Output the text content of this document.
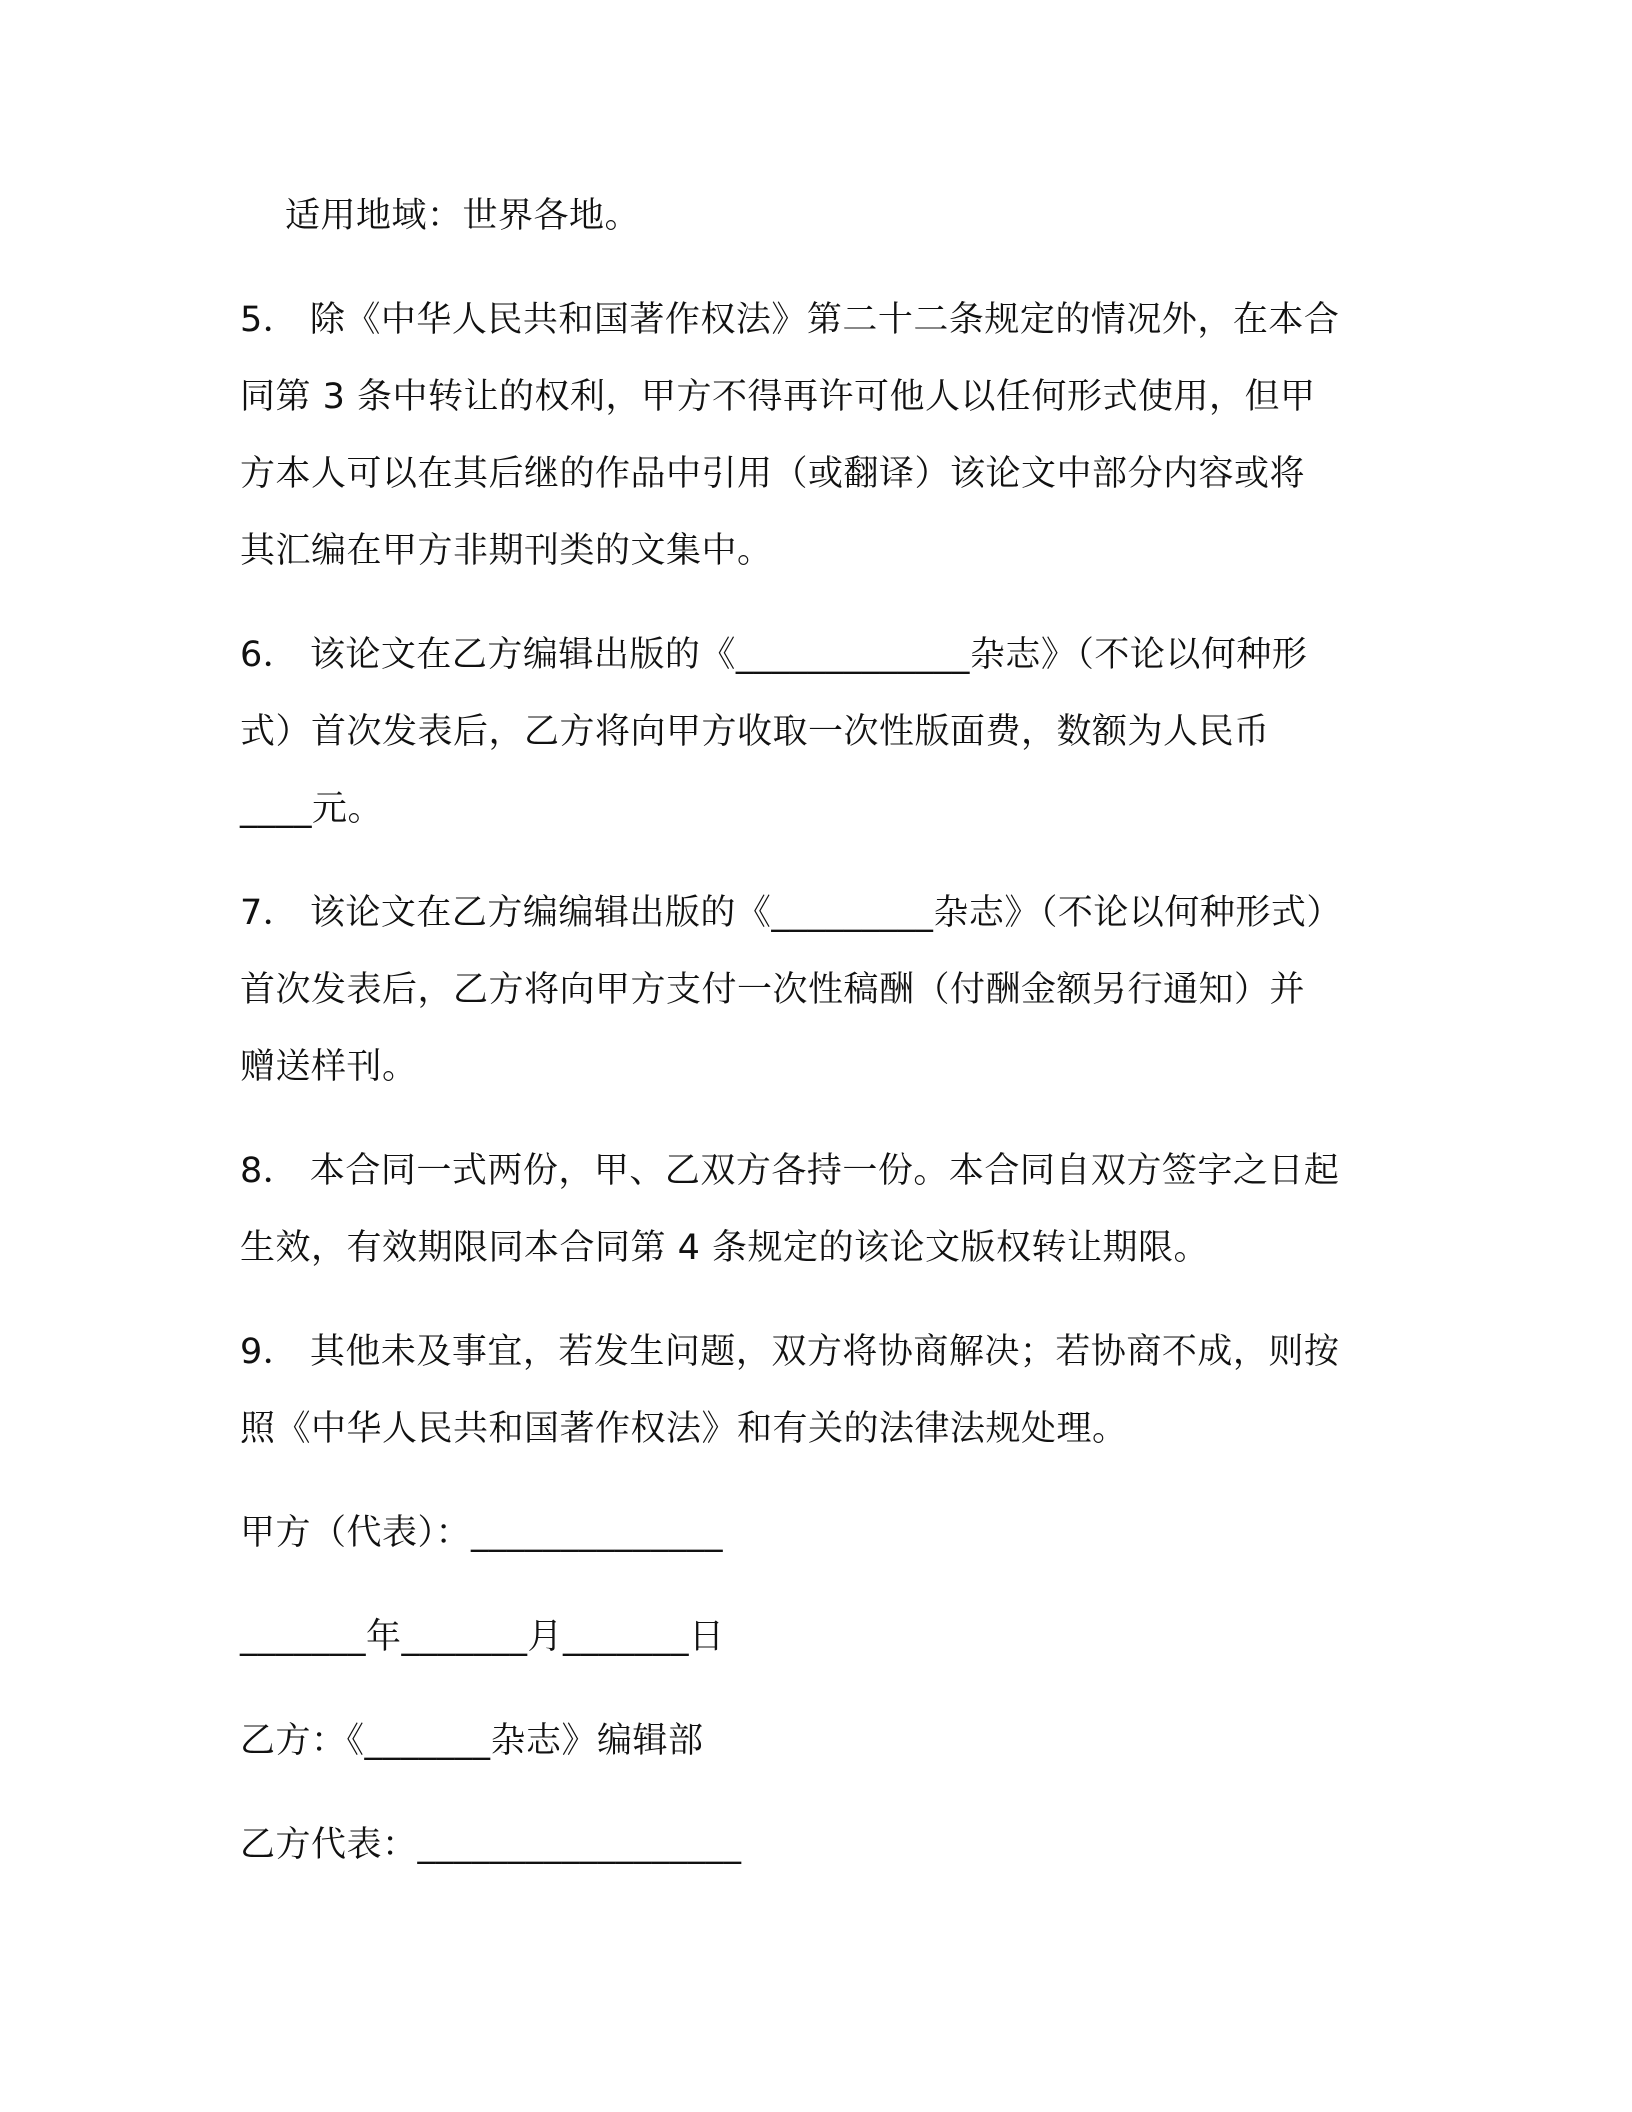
适用地域：世界各地。
5． 除《中华人民共和国著作权法》第二十二条规定的情况外，在本合
同第 3 条中转让的权利，甲方不得再许可他人以任何形式使用，但甲
方本人可以在其后继的作品中引用（或翻译）该论文中部分内容或将
其汇编在甲方非期刊类的文集中。
6． 该论文在乙方编辑出版的《_____________杂志》（不论以何种形
式）首次发表后，乙方将向甲方收取一次性版面费，数额为人民币
____元。
7． 该论文在乙方编编辑出版的《_________杂志》（不论以何种形式）
首次发表后，乙方将向甲方支付一次性稿酬（付酬金额另行通知）并
赠送样刊。
8． 本合同一式两份，甲、乙双方各持一份。本合同自双方签字之日起
生效，有效期限同本合同第 4 条规定的该论文版权转让期限。
9． 其他未及事宜，若发生问题，双方将协商解决；若协商不成，则按
照《中华人民共和国著作权法》和有关的法律法规处理。
甲方（代表）：______________
_______年_______月_______日
乙方：《_______杂志》编辑部
乙方代表：__________________
